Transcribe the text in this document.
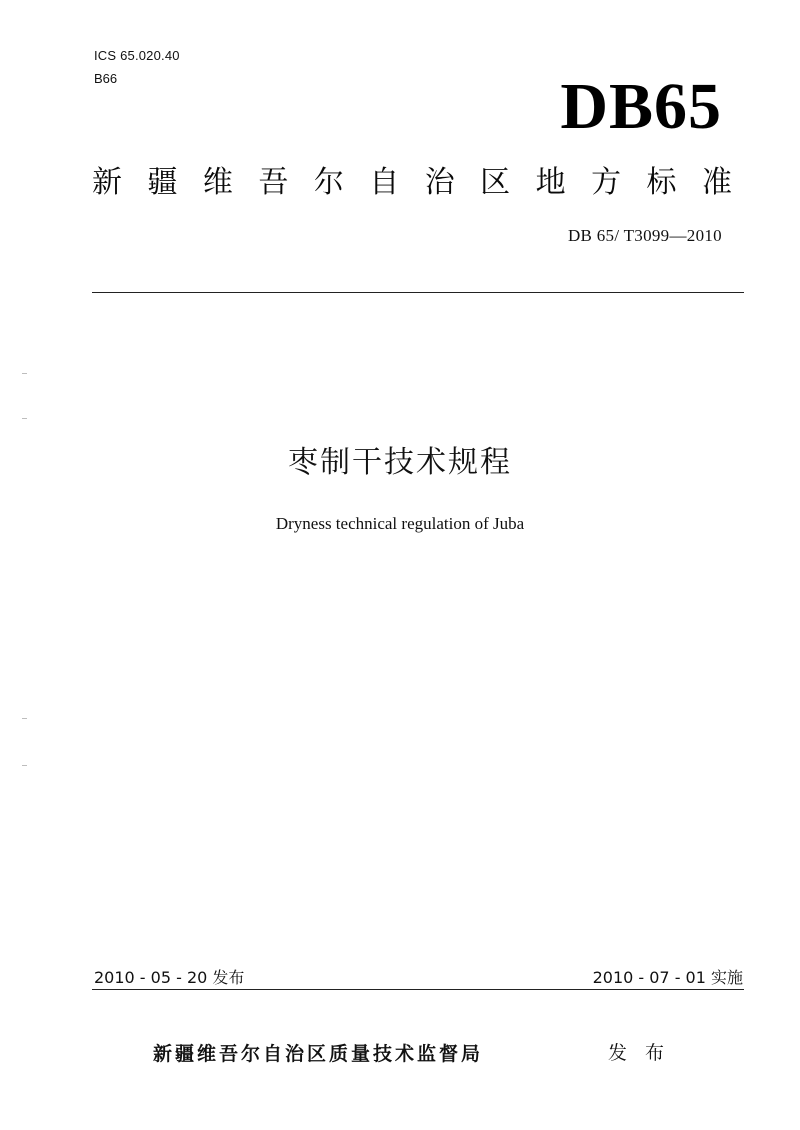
ICS 65.020.40
B66	DB65
新 疆 维 吾 尔 自 治 区 地 方 标 准
DB 65/ T3099—2010
枣制干技术规程
Dryness technical regulation of Juba
2010 - 05 - 20 发布	2010 - 07 - 01 实施
新疆维吾尔自治区质量技术监督局	发 布
